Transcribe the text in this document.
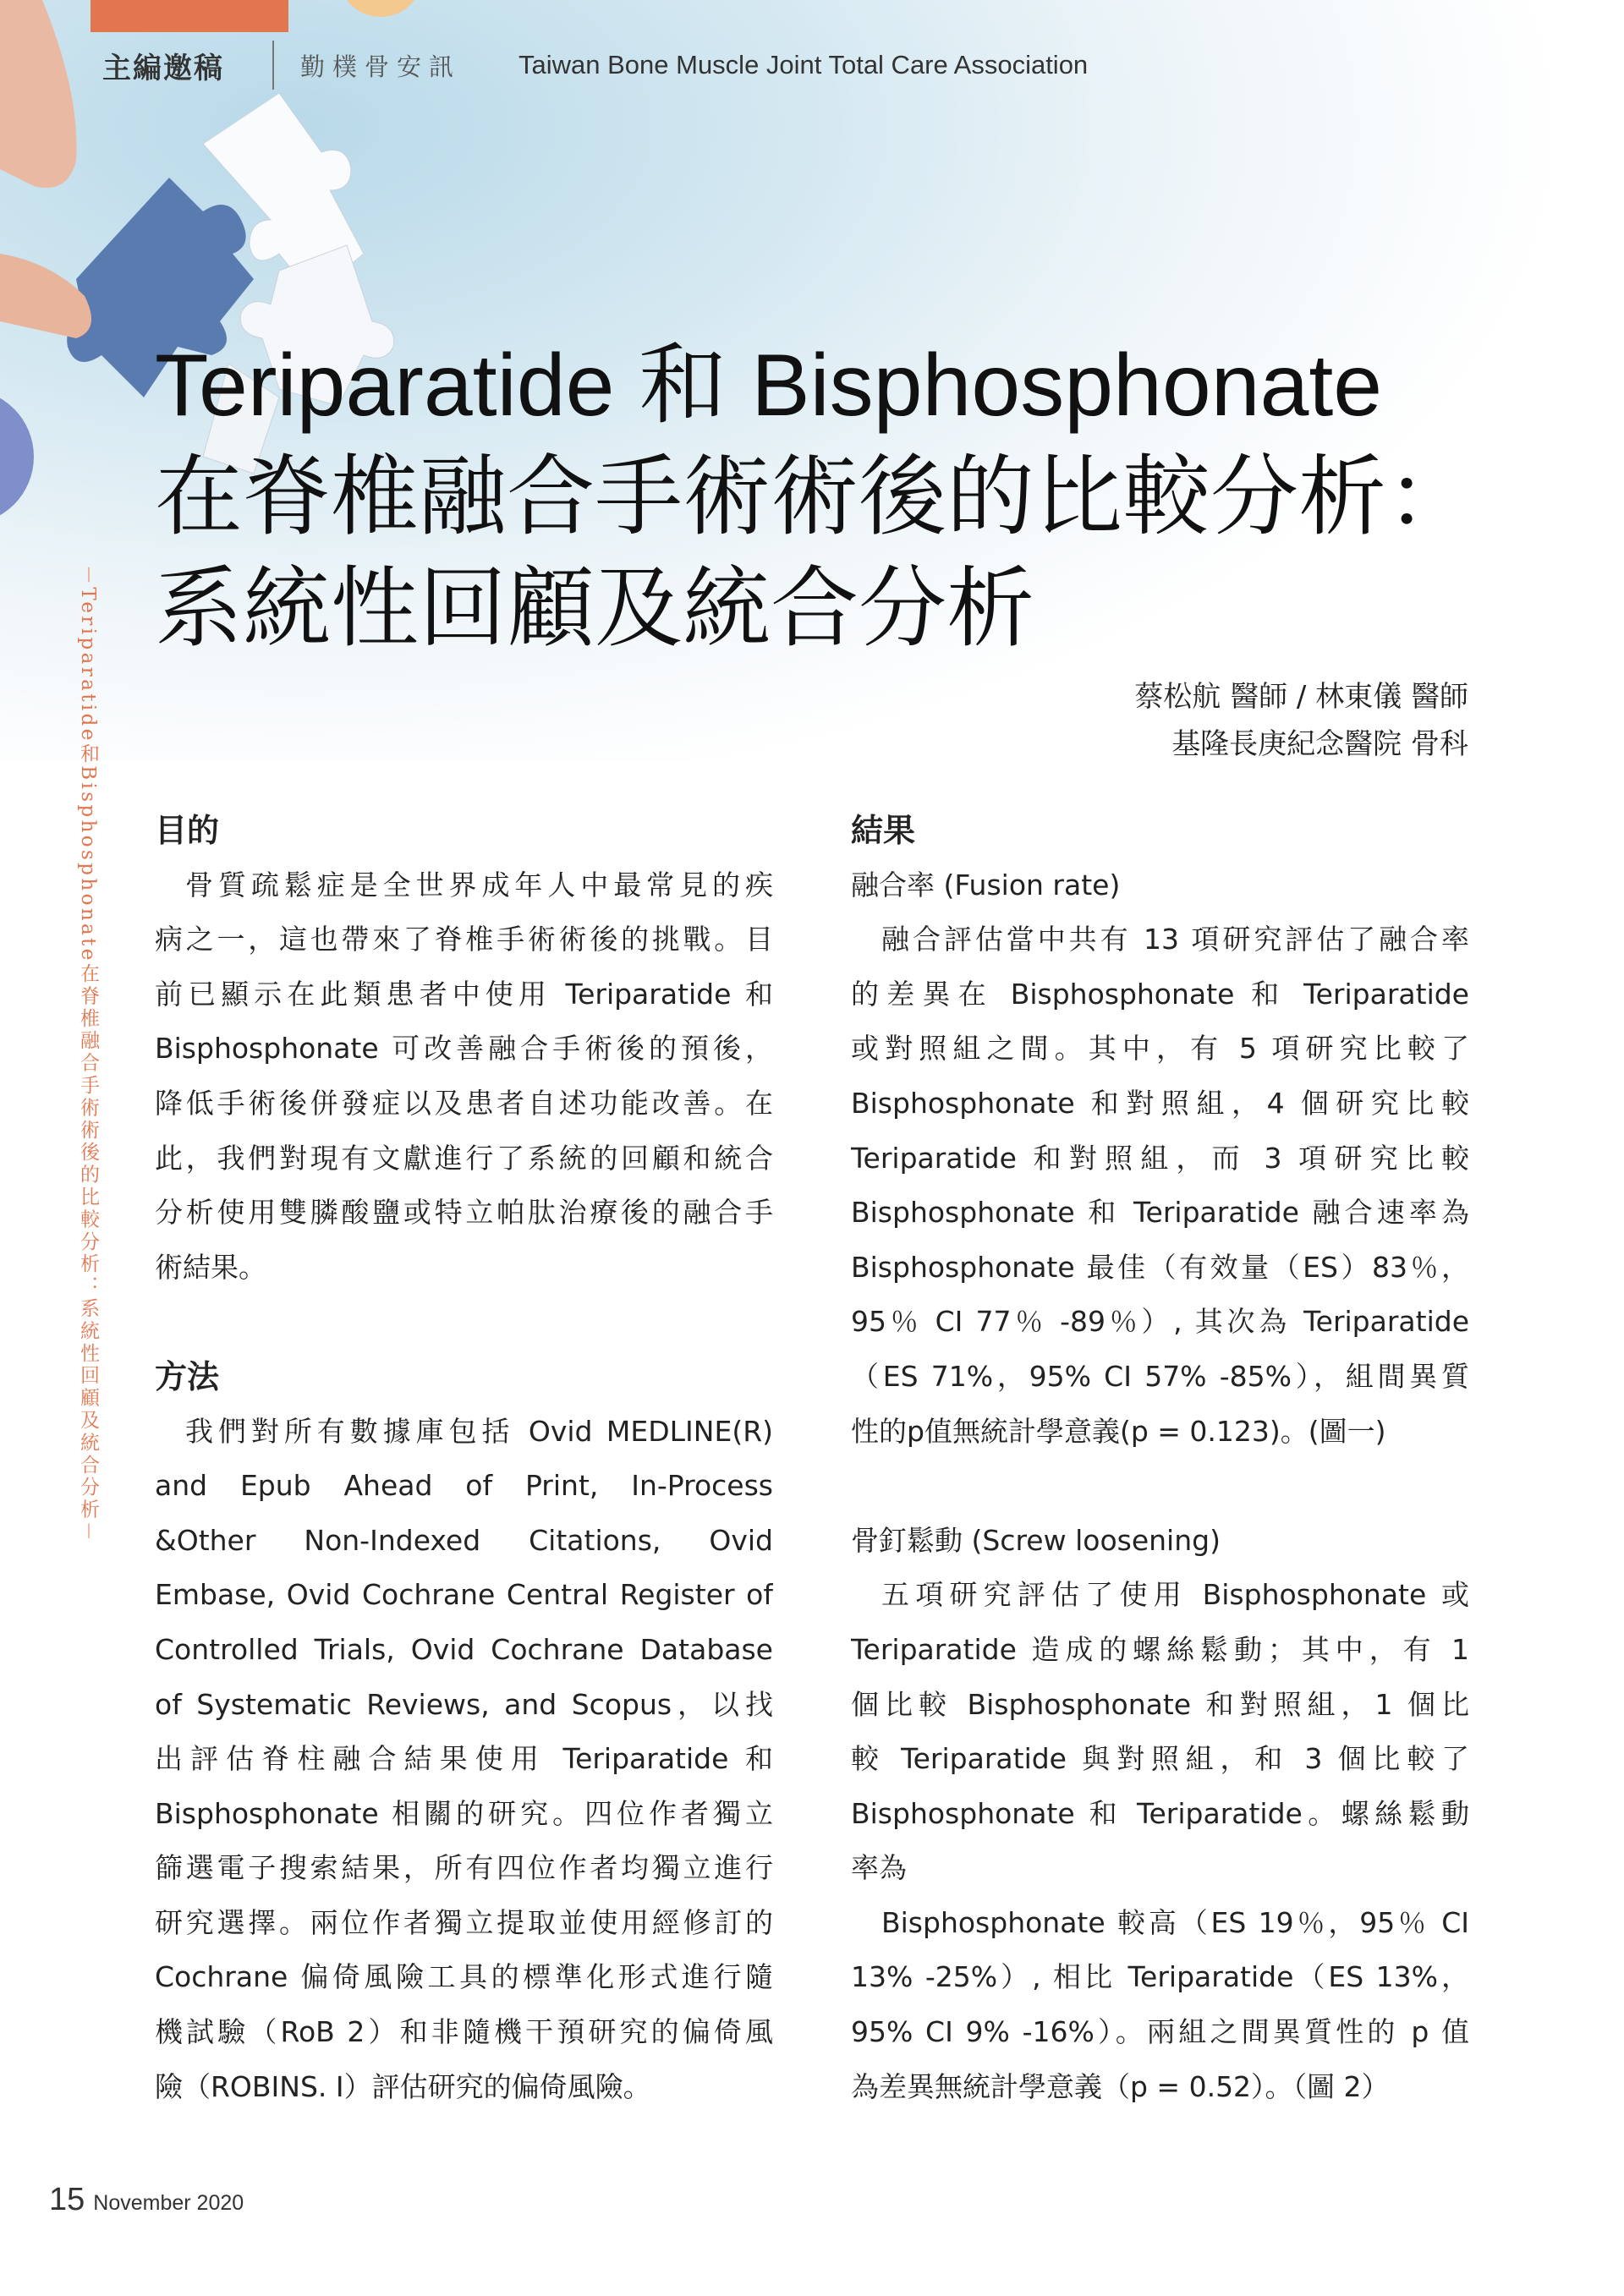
主編邀稿	勤樸骨安訊 Taiwan Bone Muscle Joint Total Care Association
Teriparatide 和 Bisphosphonate
在脊椎融合手術術後的比較分析：
系統性回顧及統合分析
蔡松航 醫師 / 林東儀 醫師
基隆長庚紀念醫院 骨科
－Teriparatide和Bisphosphonate在脊椎融合手術術後的比較分析：系統性回顧及統合分析－ 目的
骨質疏鬆症是全世界成年人中最常見的疾
病之一，這也帶來了脊椎手術術後的挑戰。目
前已顯示在此類患者中使用 Teriparatide 和
Bisphosphonate 可改善融合手術後的預後，
降低手術後併發症以及患者自述功能改善。在
此，我們對現有文獻進行了系統的回顧和統合
分析使用雙膦酸鹽或特立帕肽治療後的融合手
術結果。
方法
我們對所有數據庫包括 Ovid MEDLINE(R)
and Epub Ahead of Print, In-Process
&Other Non-Indexed Citations, Ovid
Embase, Ovid Cochrane Central Register of
Controlled Trials, Ovid Cochrane Database
of Systematic Reviews, and Scopus，以找
出評估脊柱融合結果使用 Teriparatide 和
Bisphosphonate 相關的研究。四位作者獨立
篩選電子搜索結果，所有四位作者均獨立進行
研究選擇。兩位作者獨立提取並使用經修訂的
Cochrane 偏倚風險工具的標準化形式進行隨
機試驗（RoB 2）和非隨機干預研究的偏倚風
險（ROBINS. I）評估研究的偏倚風險。
結果
融合率 (Fusion rate)
融合評估當中共有 13 項研究評估了融合率
的差異在 Bisphosphonate 和 Teriparatide
或對照組之間。其中，有 5 項研究比較了
Bisphosphonate 和對照組，4 個研究比較
Teriparatide 和對照組，而 3 項研究比較
Bisphosphonate 和 Teriparatide 融合速率為
Bisphosphonate 最佳（有效量（ES）83％，
95％ CI 77％ -89％）, 其次為 Teriparatide
（ES 71%，95% CI 57% -85%），組間異質
性的p值無統計學意義(p = 0.123)。(圖一)
骨釘鬆動 (Screw loosening)
五項研究評估了使用 Bisphosphonate 或
Teriparatide 造成的螺絲鬆動；其中，有 1
個比較 Bisphosphonate 和對照組，1 個比
較 Teriparatide 與對照組，和 3 個比較了
Bisphosphonate 和 Teriparatide。螺絲鬆動
率為
Bisphosphonate 較高（ES 19％，95％ CI
13% -25%）, 相比 Teriparatide（ES 13%，
95% CI 9% -16%）。兩組之間異質性的 p 值
為差異無統計學意義（p = 0.52）。（圖 2）
15 November 2020
